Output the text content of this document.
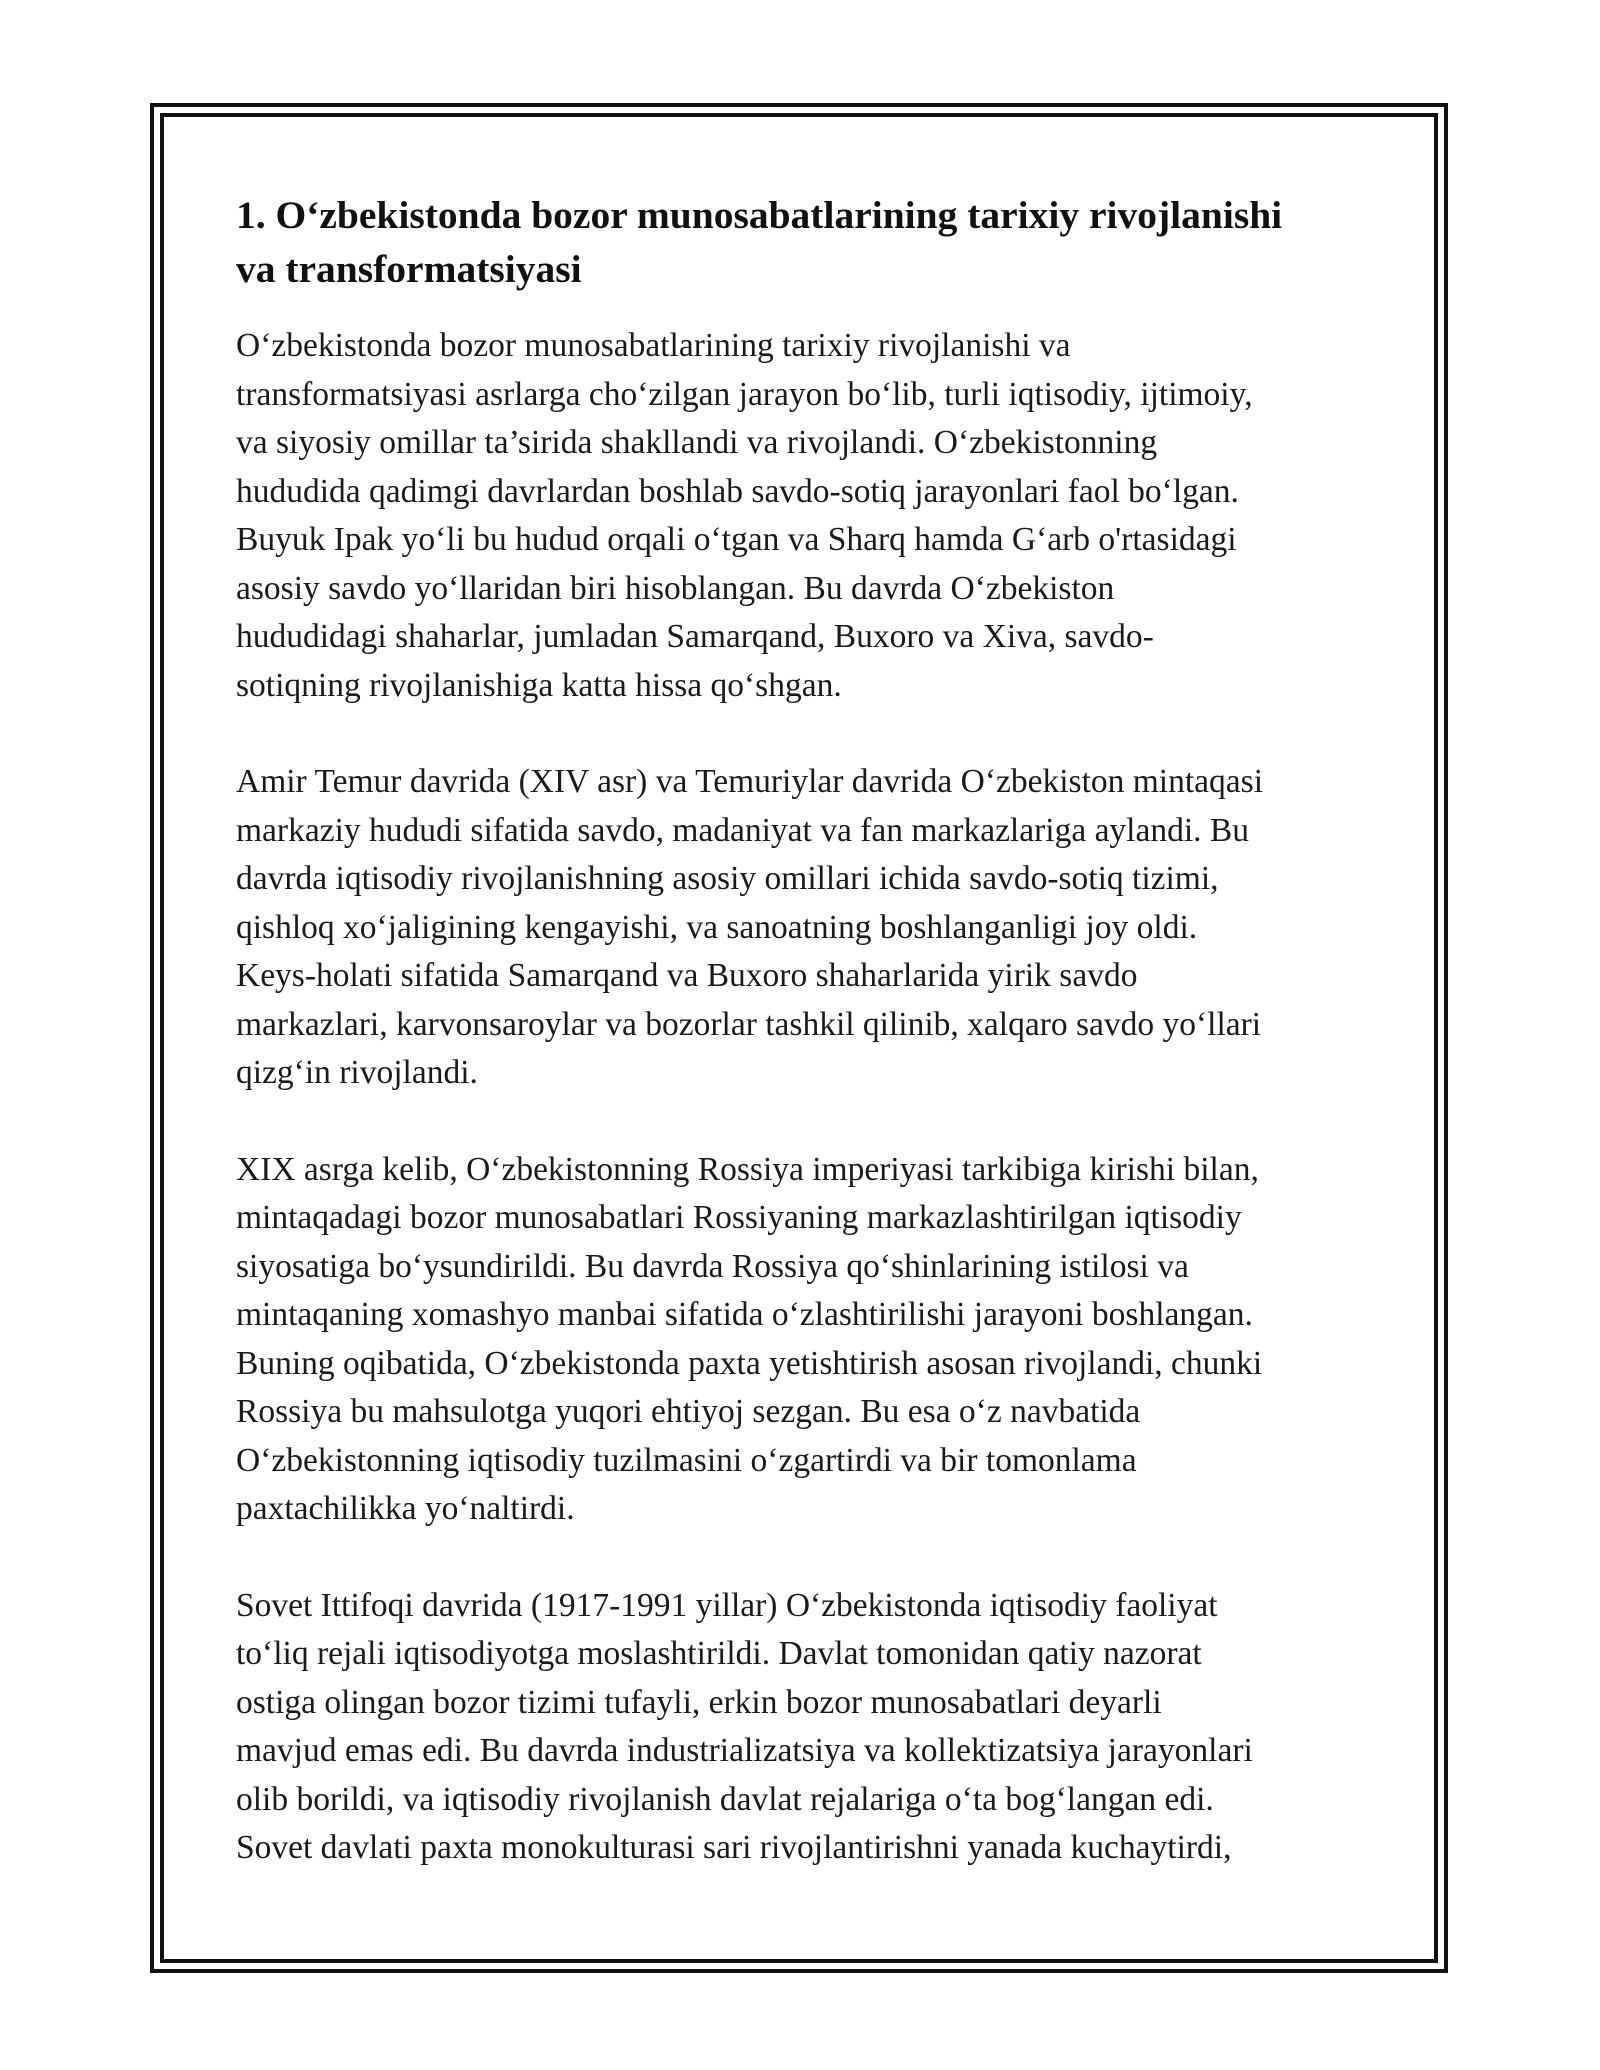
1. O‘zbekistonda bozor munosabatlarining tarixiy rivojlanishi
va transformatsiyasi

O‘zbekistonda bozor munosabatlarining tarixiy rivojlanishi va
transformatsiyasi asrlarga cho‘zilgan jarayon bo‘lib, turli iqtisodiy, ijtimoiy,
va siyosiy omillar ta’sirida shakllandi va rivojlandi. O‘zbekistonning
hududida qadimgi davrlardan boshlab savdo-sotiq jarayonlari faol bo‘lgan.
Buyuk Ipak yo‘li bu hudud orqali o‘tgan va Sharq hamda G‘arb o'rtasidagi
asosiy savdo yo‘llaridan biri hisoblangan. Bu davrda O‘zbekiston
hududidagi shaharlar, jumladan Samarqand, Buxoro va Xiva, savdo-
sotiqning rivojlanishiga katta hissa qo‘shgan.

Amir Temur davrida (XIV asr) va Temuriylar davrida O‘zbekiston mintaqasi
markaziy hududi sifatida savdo, madaniyat va fan markazlariga aylandi. Bu
davrda iqtisodiy rivojlanishning asosiy omillari ichida savdo-sotiq tizimi,
qishloq xo‘jaligining kengayishi, va sanoatning boshlanganligi joy oldi.
Keys-holati sifatida Samarqand va Buxoro shaharlarida yirik savdo
markazlari, karvonsaroylar va bozorlar tashkil qilinib, xalqaro savdo yo‘llari
qizg‘in rivojlandi.

XIX asrga kelib, O‘zbekistonning Rossiya imperiyasi tarkibiga kirishi bilan,
mintaqadagi bozor munosabatlari Rossiyaning markazlashtirilgan iqtisodiy
siyosatiga bo‘ysundirildi. Bu davrda Rossiya qo‘shinlarining istilosi va
mintaqaning xomashyo manbai sifatida o‘zlashtirilishi jarayoni boshlangan.
Buning oqibatida, O‘zbekistonda paxta yetishtirish asosan rivojlandi, chunki
Rossiya bu mahsulotga yuqori ehtiyoj sezgan. Bu esa o‘z navbatida
O‘zbekistonning iqtisodiy tuzilmasini o‘zgartirdi va bir tomonlama
paxtachilikka yo‘naltirdi.

Sovet Ittifoqi davrida (1917-1991 yillar) O‘zbekistonda iqtisodiy faoliyat
to‘liq rejali iqtisodiyotga moslashtirildi. Davlat tomonidan qatiy nazorat
ostiga olingan bozor tizimi tufayli, erkin bozor munosabatlari deyarli
mavjud emas edi. Bu davrda industrializatsiya va kollektizatsiya jarayonlari
olib borildi, va iqtisodiy rivojlanish davlat rejalariga o‘ta bog‘langan edi.
Sovet davlati paxta monokulturasi sari rivojlantirishni yanada kuchaytirdi,
